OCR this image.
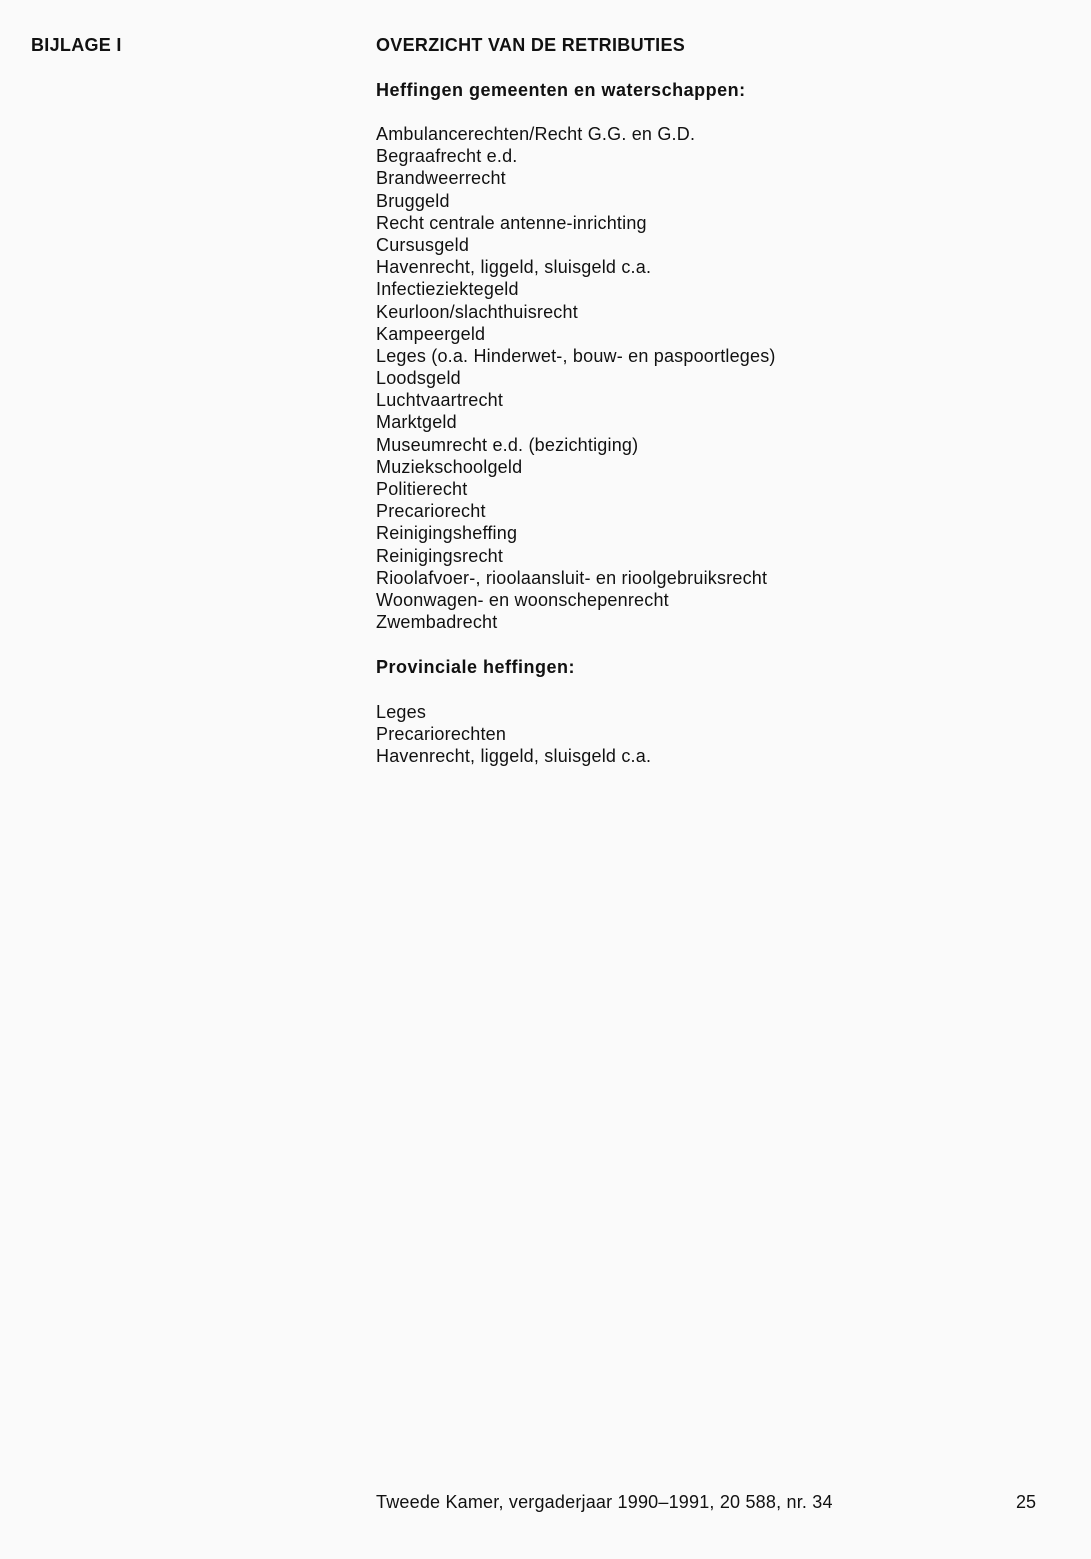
BIJLAGE I	OVERZICHT VAN DE RETRIBUTIES
Heffingen gemeenten en waterschappen:
Ambulancerechten/Recht G.G. en G.D.
Begraafrecht e.d.
Brandweerrecht
Bruggeld
Recht centrale antenne-inrichting
Cursusgeld
Havenrecht, liggeld, sluisgeld c.a.
Infectieziektegeld
Keurloon/slachthuisrecht
Kampeergeld
Leges (o.a. Hinderwet-, bouw- en paspoortleges)
Loodsgeld
Luchtvaartrecht
Marktgeld
Museumrecht e.d. (bezichtiging)
Muziekschoolgeld
Politierecht
Precariorecht
Reinigingsheffing
Reinigingsrecht
Rioolafvoer-, rioolaansluit- en rioolgebruiksrecht
Woonwagen- en woonschepenrecht
Zwembadrecht
Provinciale heffingen:
Leges
Precariorechten
Havenrecht, liggeld, sluisgeld c.a.

Tweede Kamer, vergaderjaar 1990–1991, 20 588, nr. 34	25
